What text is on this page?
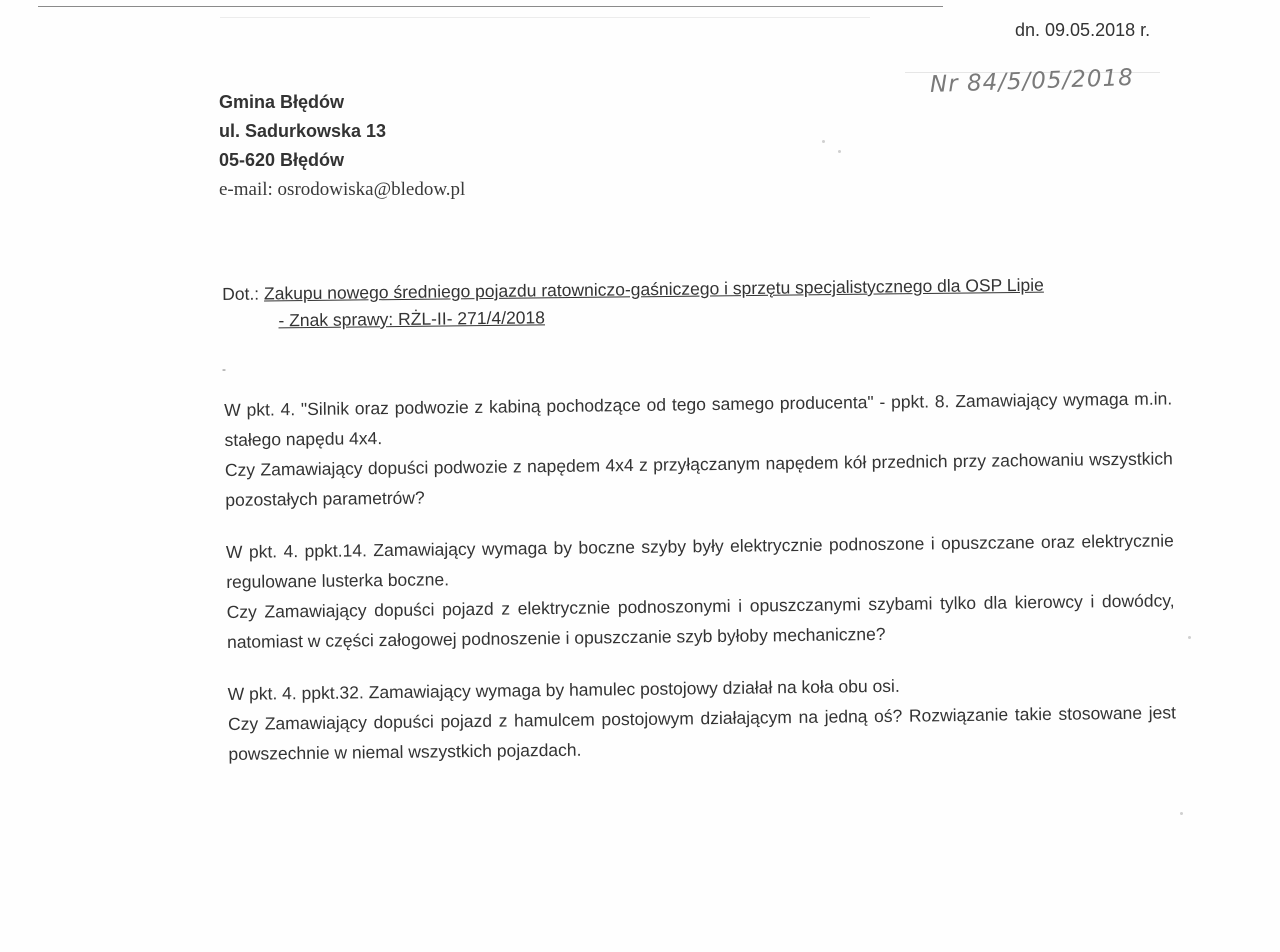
dn. 09.05.2018 r.
Nr 84/5/05/2018
Gmina Błędów
ul. Sadurkowska 13
05-620 Błędów
e-mail: osrodowiska@bledow.pl
Dot.: Zakupu nowego średniego pojazdu ratowniczo-gaśniczego i sprzętu specjalistycznego dla OSP Lipie
- Znak sprawy: RŻL-II- 271/4/2018
-

W pkt. 4. "Silnik oraz podwozie z kabiną pochodzące od tego samego producenta" - ppkt. 8. Zamawiający wymaga m.in. stałego napędu 4x4.
Czy Zamawiający dopuści podwozie z napędem 4x4 z przyłączanym napędem kół przednich przy zachowaniu wszystkich pozostałych parametrów?

W pkt. 4. ppkt.14. Zamawiający wymaga by boczne szyby były elektrycznie podnoszone i opuszczane oraz elektrycznie regulowane lusterka boczne.
Czy Zamawiający dopuści pojazd z elektrycznie podnoszonymi i opuszczanymi szybami tylko dla kierowcy i dowódcy, natomiast w części załogowej podnoszenie i opuszczanie szyb byłoby mechaniczne?

W pkt. 4. ppkt.32. Zamawiający wymaga by hamulec postojowy działał na koła obu osi.
Czy Zamawiający dopuści pojazd z hamulcem postojowym działającym na jedną oś? Rozwiązanie takie stosowane jest powszechnie w niemal wszystkich pojazdach.
